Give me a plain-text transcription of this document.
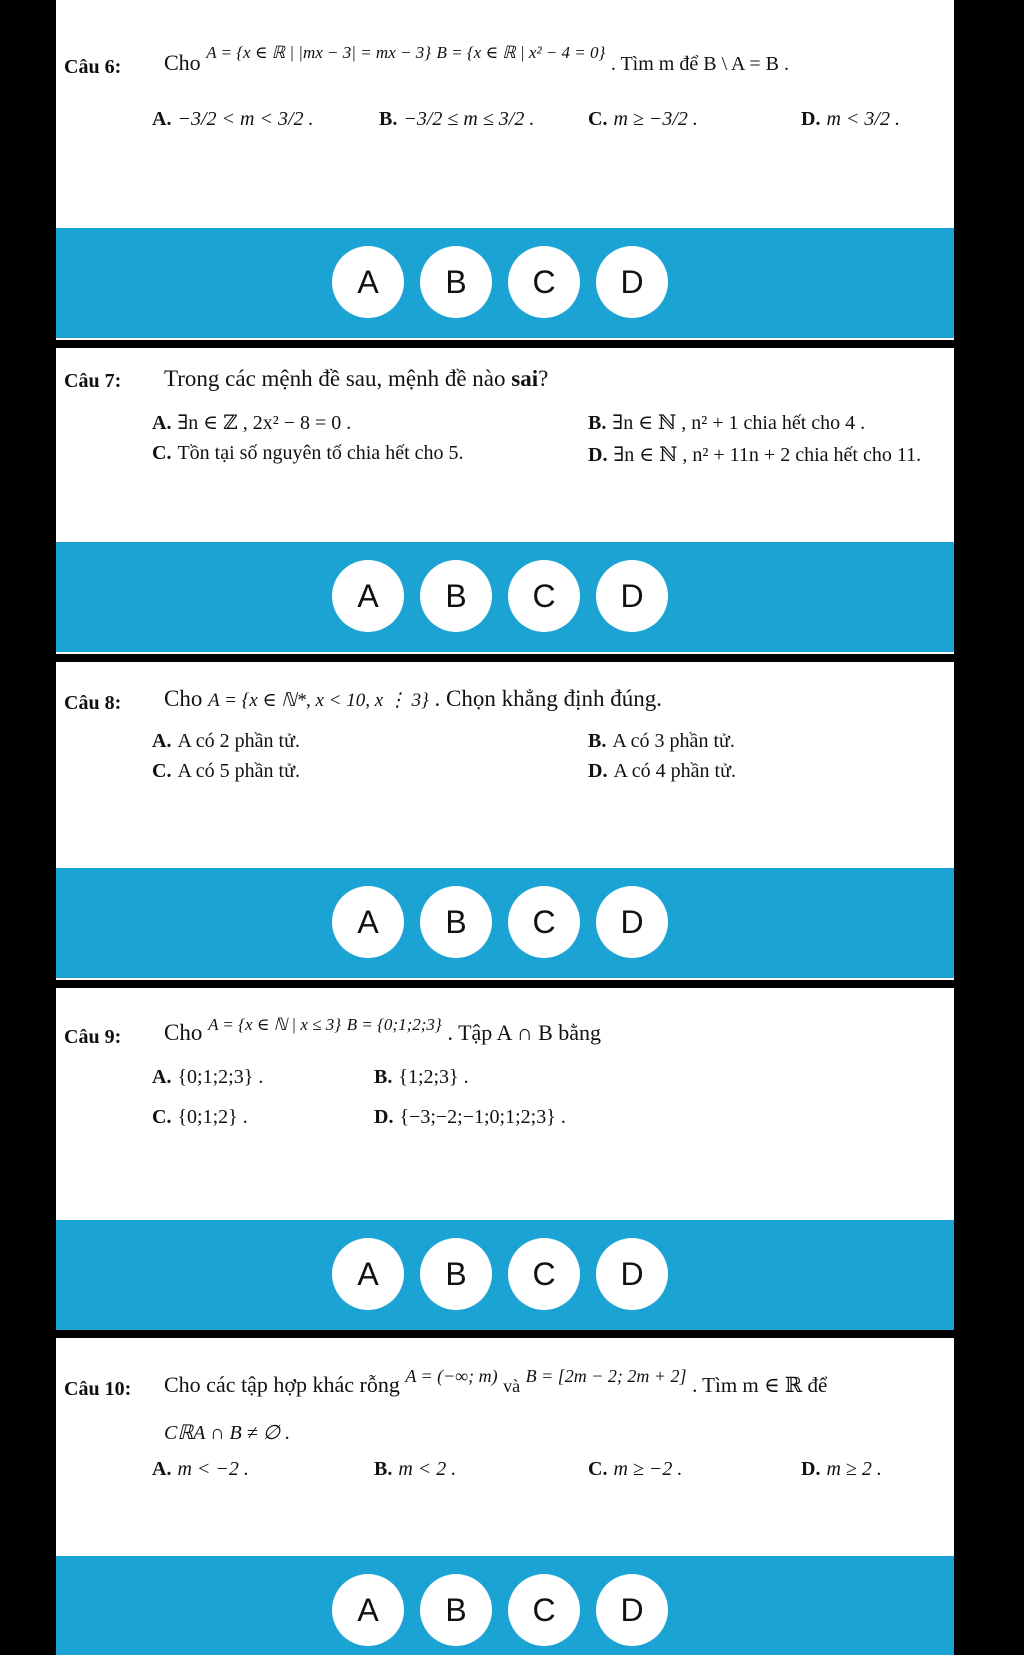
Câu 6: Cho $^{A = \{x \in ℝ | |mx - 3| = mx - 3\}}$ $^{B = \{x \in ℝ | x^2 - 4 = 0\}}$ . Tìm m để B \ A = B .
A. −3/2 < m < 3/2 .	B. −3/2 ≤ m ≤ 3/2 .	C. m ≥ −3/2 .	D. m < 3/2 .
A	B	C	D
Câu 7: Trong các mệnh đề sau, mệnh đề nào sai?
A. ∃n ∈ ℤ , 2x² − 8 = 0 .	B. ∃n ∈ ℕ , n² + 1 chia hết cho 4 .
C. Tồn tại số nguyên tố chia hết cho 5.	D. ∃n ∈ ℕ , n² + 11n + 2 chia hết cho 11.
A	B	C	D
Câu 8: Cho A = {x ∈ ℕ*, x < 10, x ⋮ 3} . Chọn khẳng định đúng.
A. A có 2 phần tử.	B. A có 3 phần tử.
C. A có 5 phần tử.	D. A có 4 phần tử.
A	B	C	D
Câu 9: Cho $^{A = \{x \in ℕ | x \le 3\}}$ $^{B = \{0;1;2;3\}}$ . Tập A ∩ B bằng
A. {0;1;2;3} .	B. {1;2;3} .
C. {0;1;2} .	D. {−3;−2;−1;0;1;2;3} .
A	B	C	D
Câu 10: Cho các tập hợp khác rỗng $^{A = (-\infty; m)}$ và $^{B = [2m - 2; 2m + 2]}$ . Tìm m ∈ ℝ để
CℝA ∩ B ≠ ∅ .
A. m < −2 .	B. m < 2 .	C. m ≥ −2 .	D. m ≥ 2 .
A	B	C	D
